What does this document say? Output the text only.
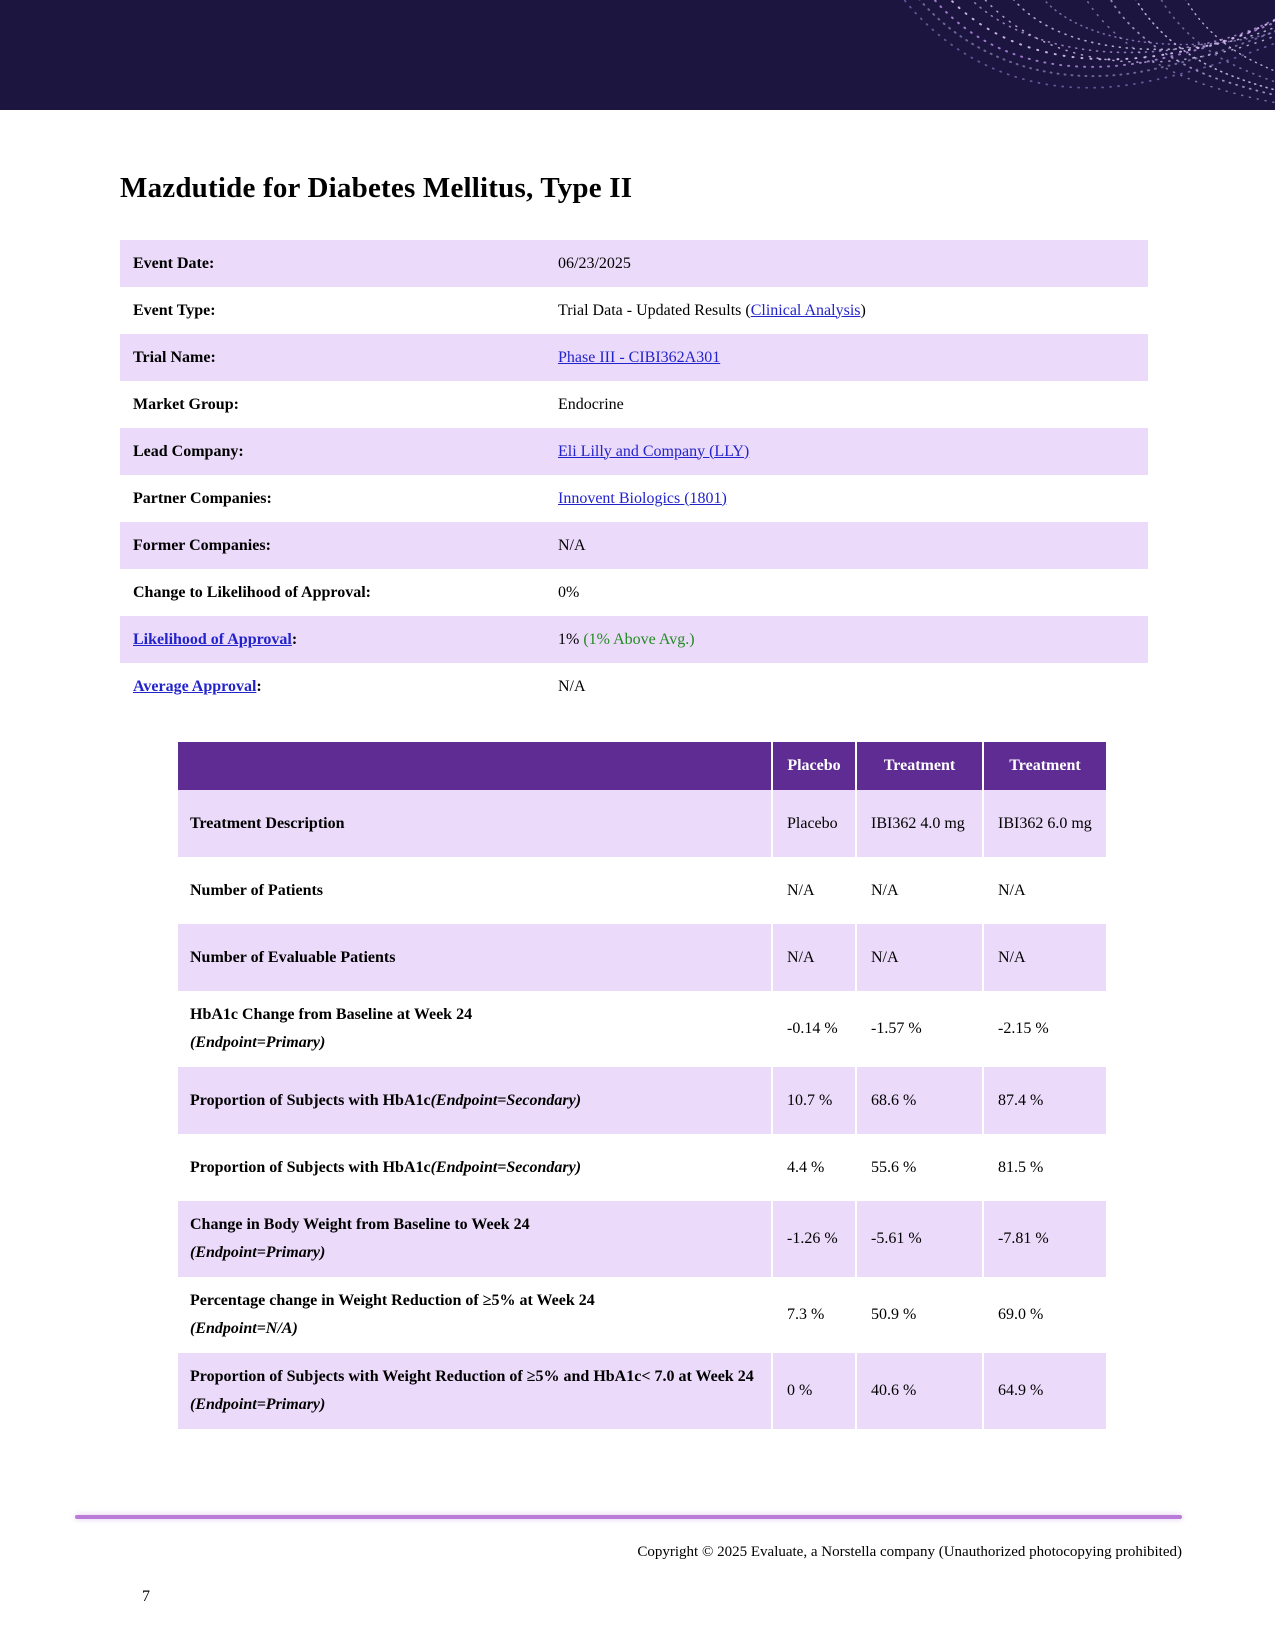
Mazdutide for Diabetes Mellitus, Type II
Event Date:	06/23/2025
Event Type:	Trial Data - Updated Results (Clinical Analysis)
Trial Name:	Phase III - CIBI362A301
Market Group:	Endocrine
Lead Company:	Eli Lilly and Company (LLY)
Partner Companies:	Innovent Biologics (1801)
Former Companies:	N/A
Change to Likelihood of Approval:	0%
Likelihood of Approval:	1% (1% Above Avg.)
Average Approval:	N/A
	Placebo	Treatment	Treatment
Treatment Description	Placebo	IBI362 4.0 mg	IBI362 6.0 mg
Number of Patients	N/A	N/A	N/A
Number of Evaluable Patients	N/A	N/A	N/A
HbA1c Change from Baseline at Week 24
(Endpoint=Primary)	-0.14 %	-1.57 %	-2.15 %
Proportion of Subjects with HbA1c(Endpoint=Secondary)	10.7 %	68.6 %	87.4 %
Proportion of Subjects with HbA1c(Endpoint=Secondary)	4.4 %	55.6 %	81.5 %
Change in Body Weight from Baseline to Week 24
(Endpoint=Primary)	-1.26 %	-5.61 %	-7.81 %
Percentage change in Weight Reduction of ≥5% at Week 24
(Endpoint=N/A)	7.3 %	50.9 %	69.0 %
Proportion of Subjects with Weight Reduction of ≥5% and HbA1c< 7.0 at Week 24
(Endpoint=Primary)	0 %	40.6 %	64.9 %
Copyright © 2025 Evaluate, a Norstella company (Unauthorized photocopying prohibited)
7
